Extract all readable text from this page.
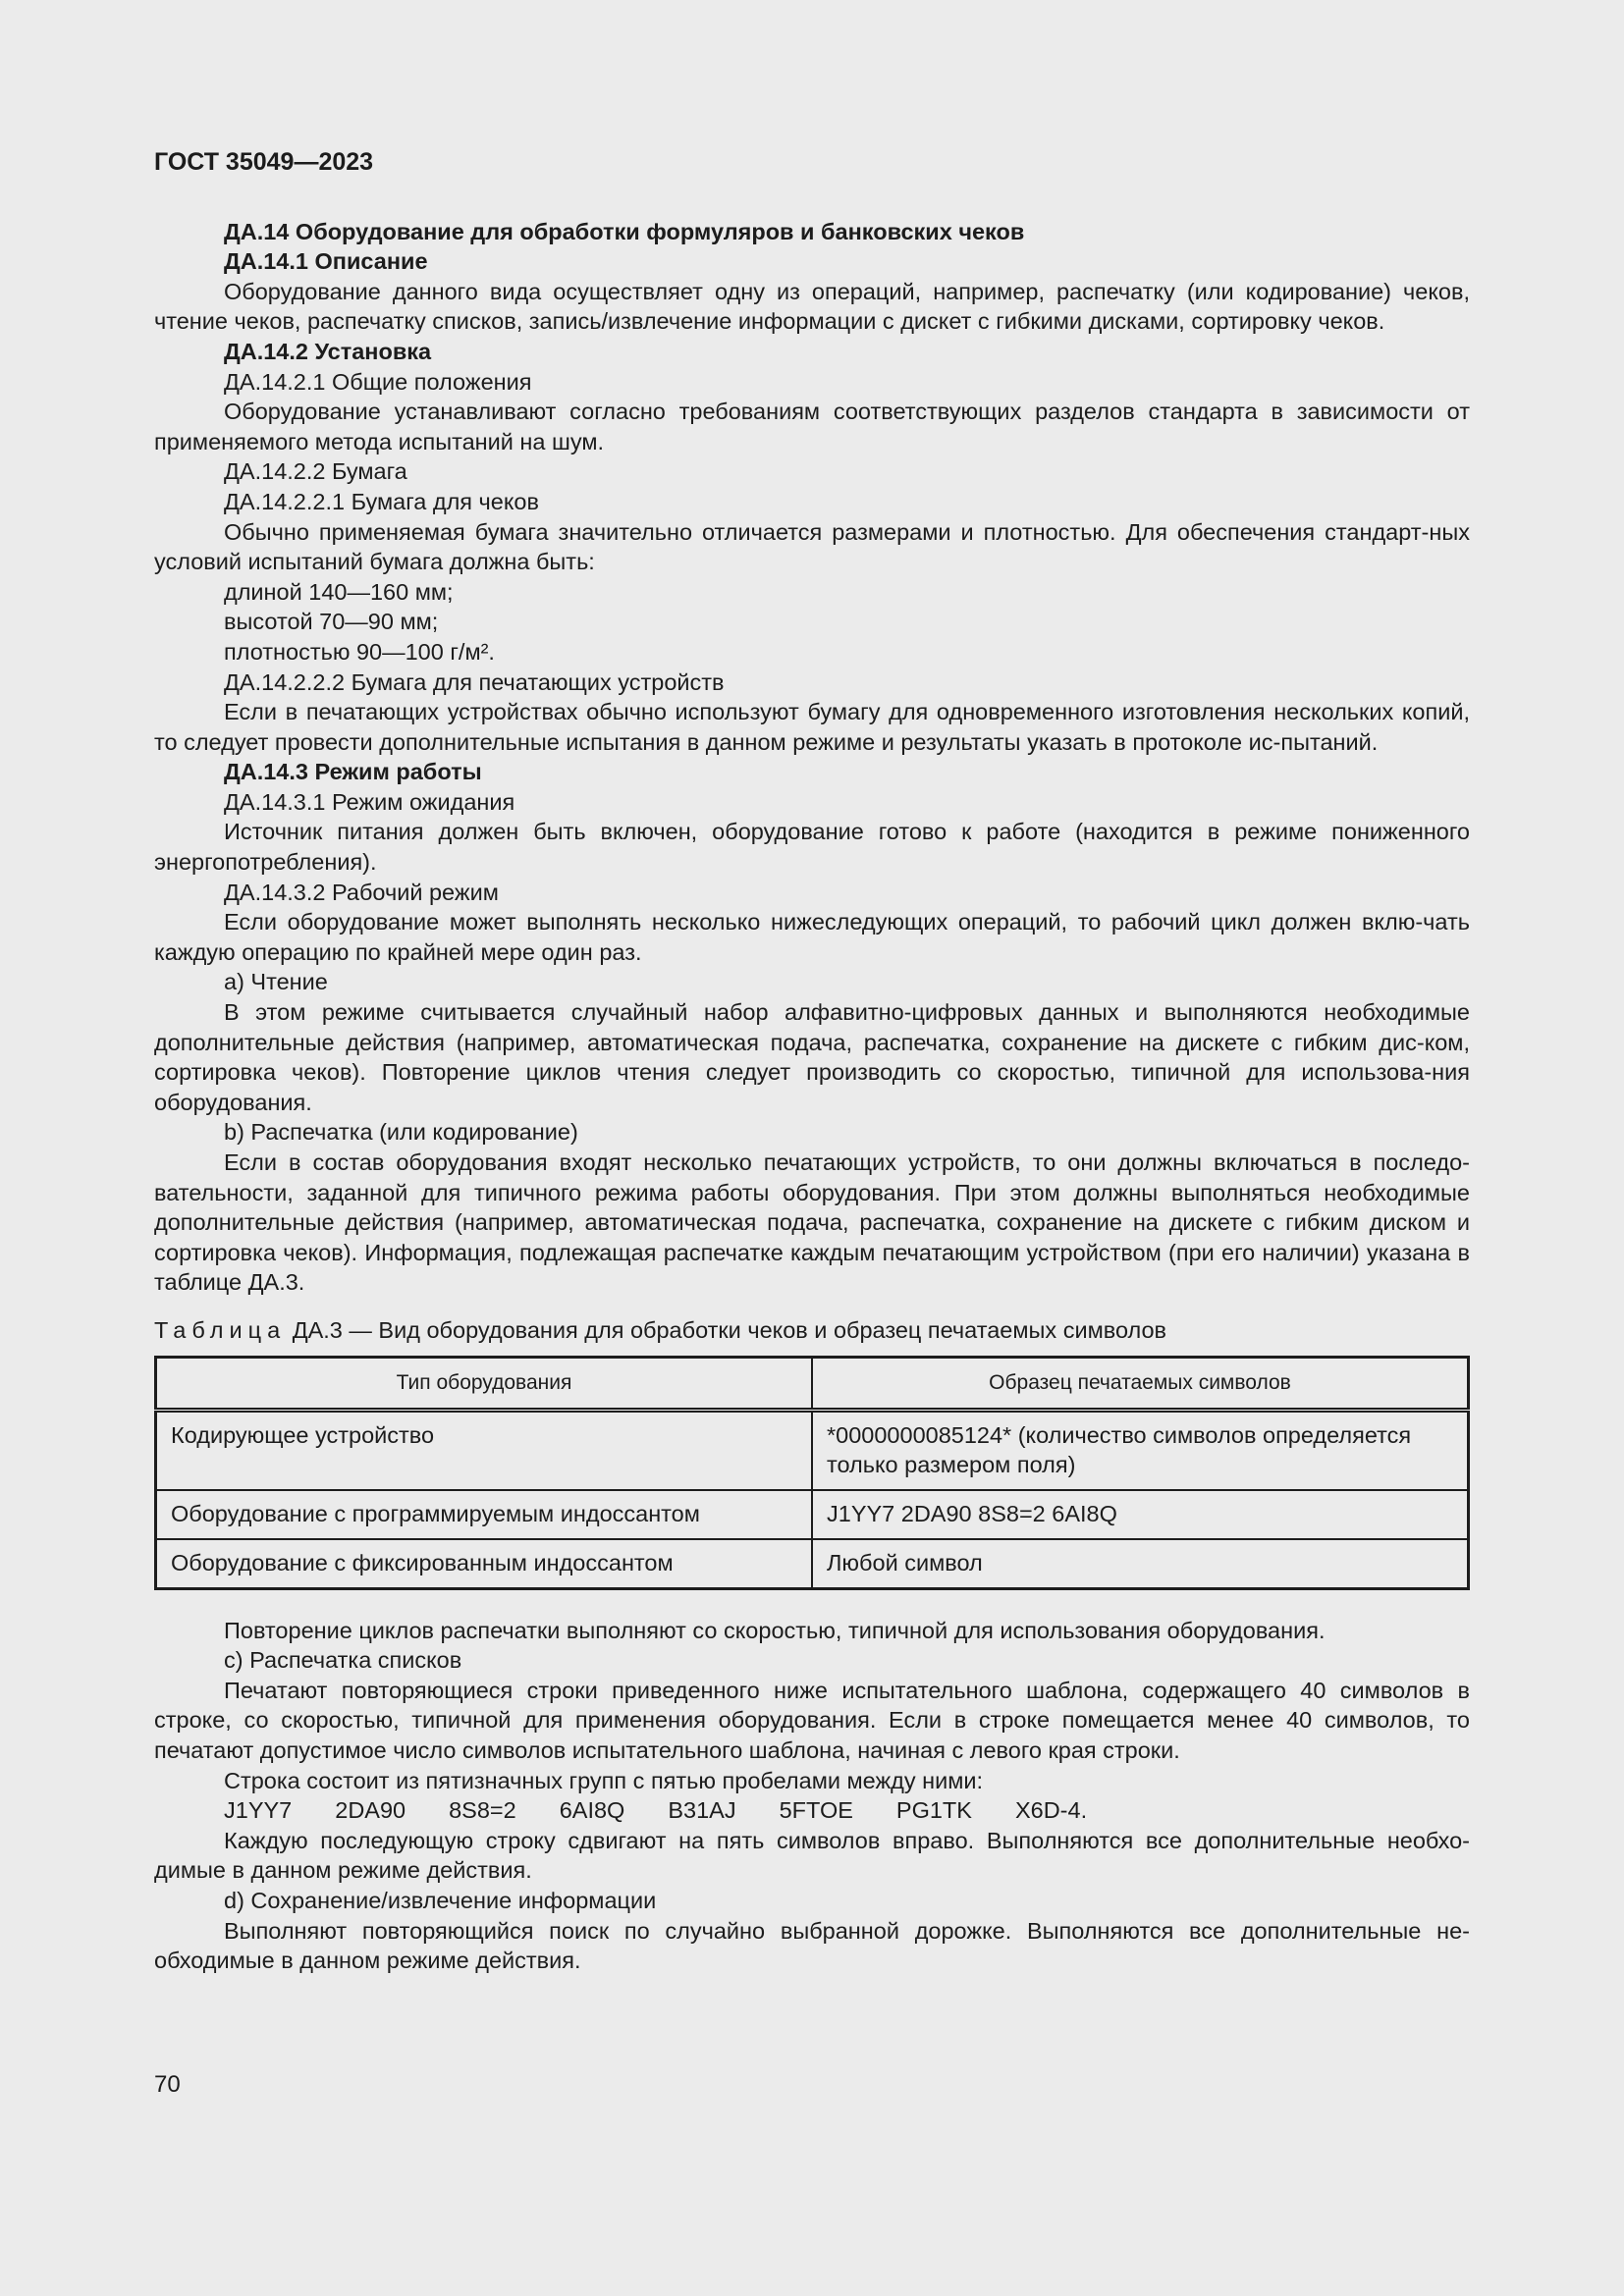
ГОСТ 35049—2023

ДА.14 Оборудование для обработки формуляров и банковских чеков

ДА.14.1 Описание

Оборудование данного вида осуществляет одну из операций, например, распечатку (или кодирование) чеков, чтение чеков, распечатку списков, запись/извлечение информации с дискет с гибкими дисками, сортировку чеков.

ДА.14.2 Установка

ДА.14.2.1 Общие положения

Оборудование устанавливают согласно требованиям соответствующих разделов стандарта в зависимости от применяемого метода испытаний на шум.

ДА.14.2.2 Бумага

ДА.14.2.2.1 Бумага для чеков

Обычно применяемая бумага значительно отличается размерами и плотностью. Для обеспечения стандарт-ных условий испытаний бумага должна быть:

длиной 140—160 мм;

высотой 70—90 мм;

плотностью 90—100 г/м².

ДА.14.2.2.2 Бумага для печатающих устройств

Если в печатающих устройствах обычно используют бумагу для одновременного изготовления нескольких копий, то следует провести дополнительные испытания в данном режиме и результаты указать в протоколе ис-пытаний.

ДА.14.3 Режим работы

ДА.14.3.1 Режим ожидания

Источник питания должен быть включен, оборудование готово к работе (находится в режиме пониженного энергопотребления).

ДА.14.3.2 Рабочий режим

Если оборудование может выполнять несколько нижеследующих операций, то рабочий цикл должен вклю-чать каждую операцию по крайней мере один раз.

a) Чтение

В этом режиме считывается случайный набор алфавитно-цифровых данных и выполняются необходимые дополнительные действия (например, автоматическая подача, распечатка, сохранение на дискете с гибким дис-ком, сортировка чеков). Повторение циклов чтения следует производить со скоростью, типичной для использова-ния оборудования.

b) Распечатка (или кодирование)

Если в состав оборудования входят несколько печатающих устройств, то они должны включаться в последо-вательности, заданной для типичного режима работы оборудования. При этом должны выполняться необходимые дополнительные действия (например, автоматическая подача, распечатка, сохранение на дискете с гибким диском и сортировка чеков). Информация, подлежащая распечатке каждым печатающим устройством (при его наличии) указана в таблице ДА.3.

Таблица ДА.3 — Вид оборудования для обработки чеков и образец печатаемых символов
Тип оборудования	Образец печатаемых символов
Кодирующее устройство	*0000000085124* (количество символов определяется только размером поля)
Оборудование с программируемым индоссантом	J1YY7 2DA90 8S8=2 6AI8Q
Оборудование с фиксированным индоссантом	Любой символ

Повторение циклов распечатки выполняют со скоростью, типичной для использования оборудования.

c) Распечатка списков

Печатают повторяющиеся строки приведенного ниже испытательного шаблона, содержащего 40 символов в строке, со скоростью, типичной для применения оборудования. Если в строке помещается менее 40 символов, то печатают допустимое число символов испытательного шаблона, начиная с левого края строки.

Строка состоит из пятизначных групп с пятью пробелами между ними:

J1YY7 2DA90 8S8=2 6AI8Q B31AJ 5FTOE PG1TK X6D-4.

Каждую последующую строку сдвигают на пять символов вправо. Выполняются все дополнительные необхо-димые в данном режиме действия.

d) Сохранение/извлечение информации

Выполняют повторяющийся поиск по случайно выбранной дорожке. Выполняются все дополнительные не-обходимые в данном режиме действия.

70
